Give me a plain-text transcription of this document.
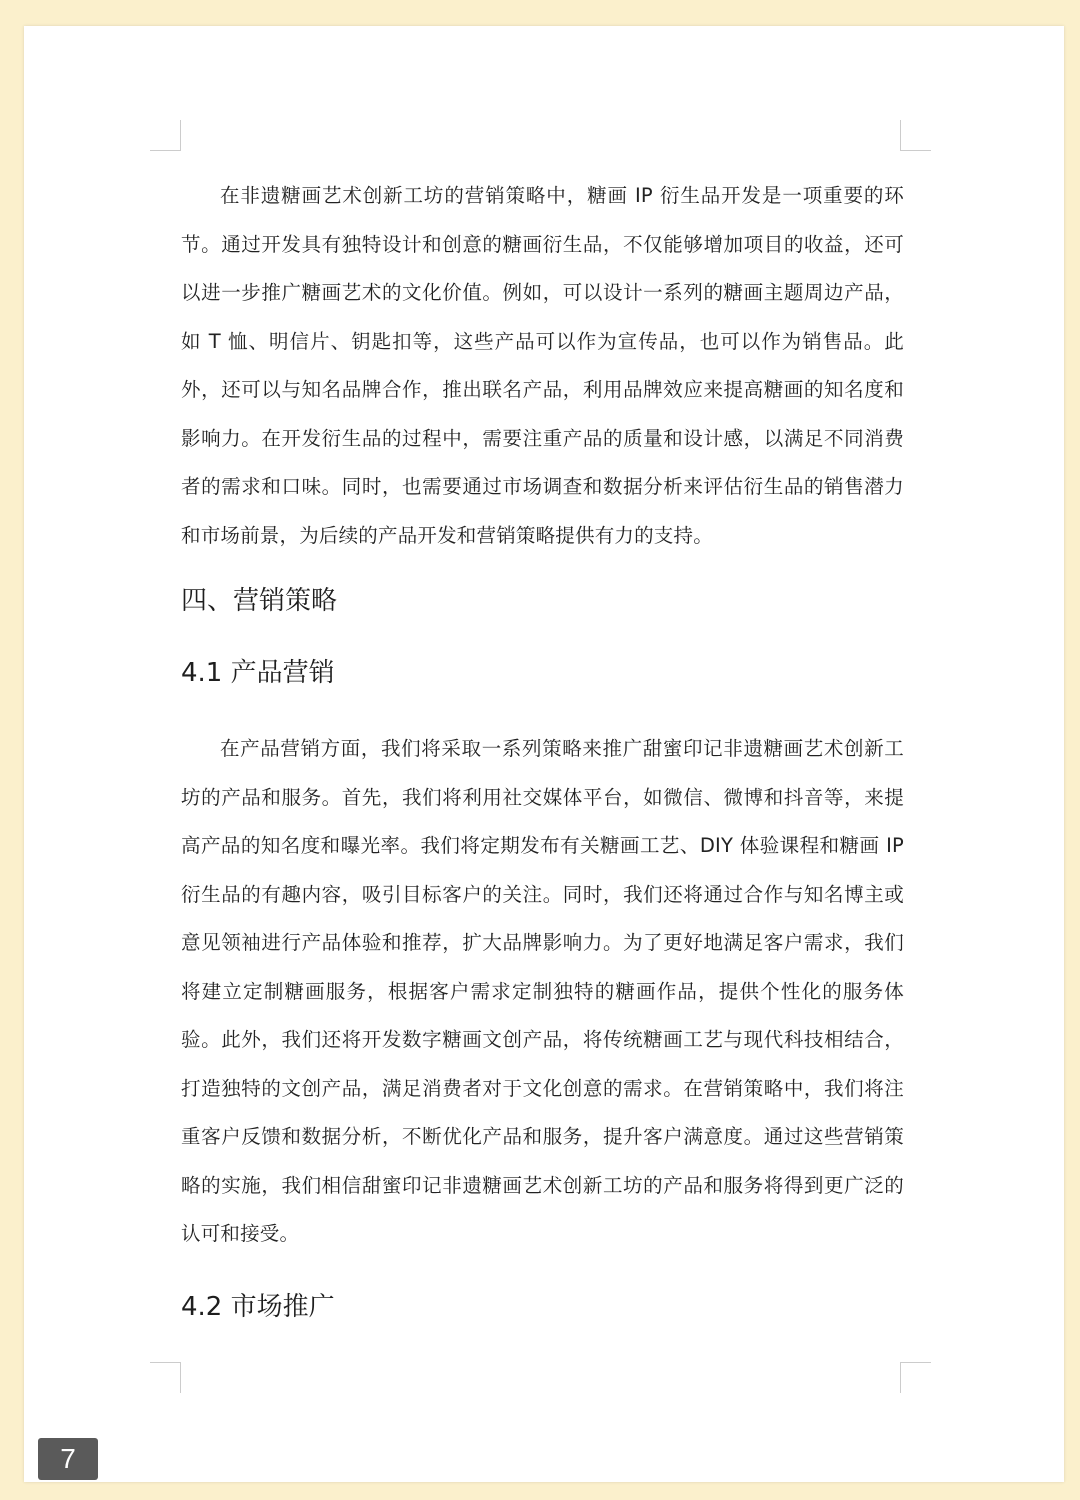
在非遗糖画艺术创新工坊的营销策略中，糖画 IP 衍生品开发是一项重要的环节。通过开发具有独特设计和创意的糖画衍生品，不仅能够增加项目的收益，还可以进一步推广糖画艺术的文化价值。例如，可以设计一系列的糖画主题周边产品，如 T 恤、明信片、钥匙扣等，这些产品可以作为宣传品，也可以作为销售品。此外，还可以与知名品牌合作，推出联名产品，利用品牌效应来提高糖画的知名度和影响力。在开发衍生品的过程中，需要注重产品的质量和设计感，以满足不同消费者的需求和口味。同时，也需要通过市场调查和数据分析来评估衍生品的销售潜力和市场前景，为后续的产品开发和营销策略提供有力的支持。

四、营销策略
4.1 产品营销

在产品营销方面，我们将采取一系列策略来推广甜蜜印记非遗糖画艺术创新工坊的产品和服务。首先，我们将利用社交媒体平台，如微信、微博和抖音等，来提高产品的知名度和曝光率。我们将定期发布有关糖画工艺、DIY 体验课程和糖画 IP 衍生品的有趣内容，吸引目标客户的关注。同时，我们还将通过合作与知名博主或意见领袖进行产品体验和推荐，扩大品牌影响力。为了更好地满足客户需求，我们将建立定制糖画服务，根据客户需求定制独特的糖画作品，提供个性化的服务体验。此外，我们还将开发数字糖画文创产品，将传统糖画工艺与现代科技相结合，打造独特的文创产品，满足消费者对于文化创意的需求。在营销策略中，我们将注重客户反馈和数据分析，不断优化产品和服务，提升客户满意度。通过这些营销策略的实施，我们相信甜蜜印记非遗糖画艺术创新工坊的产品和服务将得到更广泛的认可和接受。

4.2 市场推广
7
